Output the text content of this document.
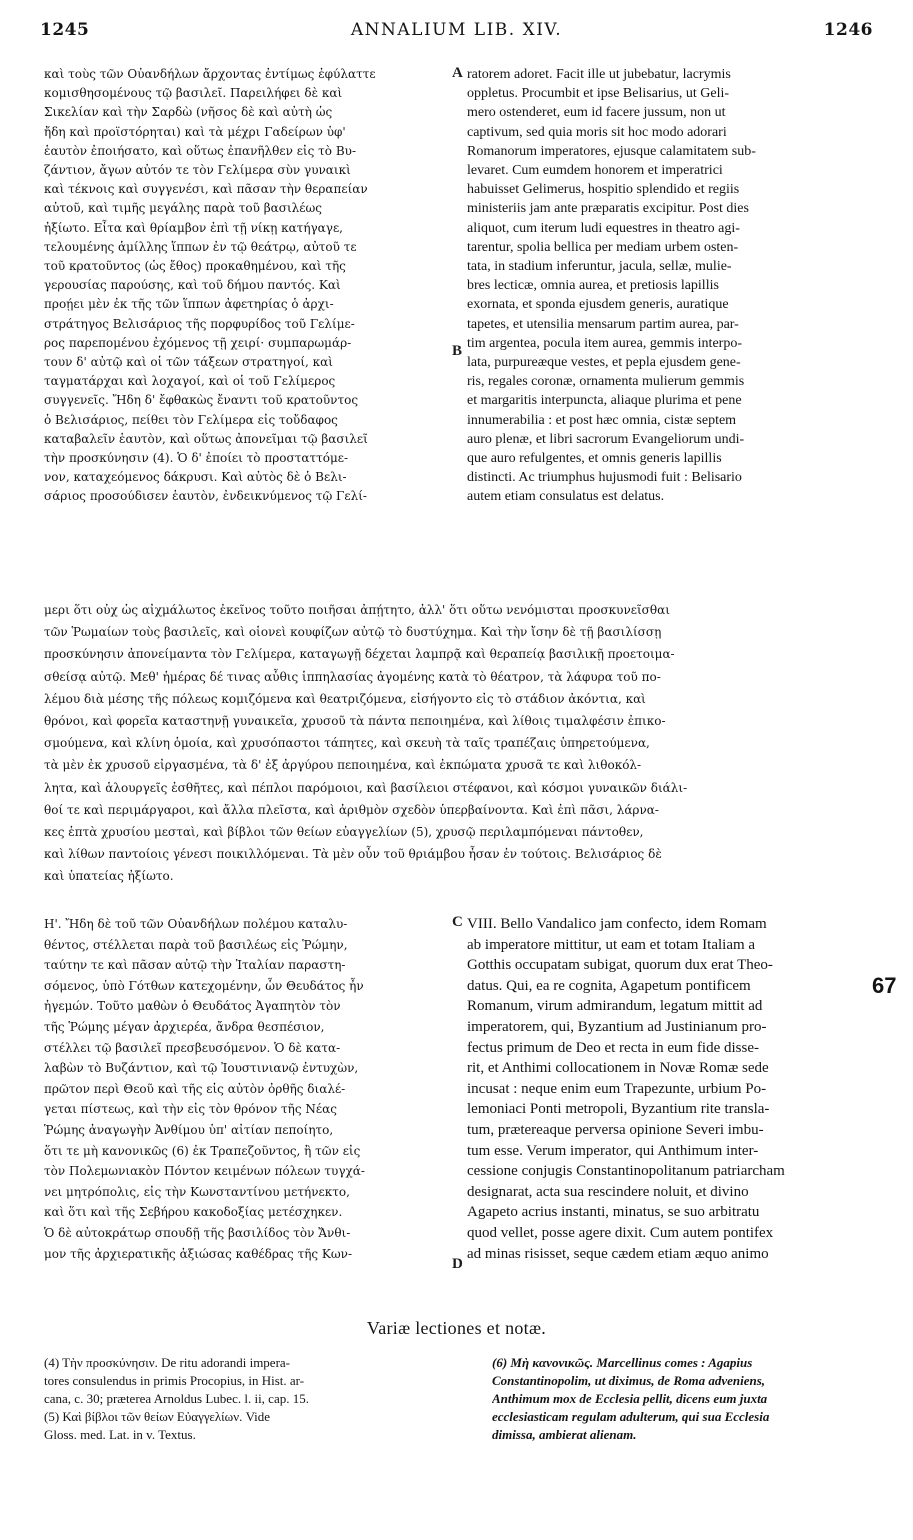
ANNALIUM LIB. XIV.
1245	1246
καὶ τοὺς τῶν Οὐανδήλων ἄρχοντας ἐντίμως ἐφύλαττε
κομισθησομένους τῷ βασιλεῖ. Παρειλήφει δὲ καὶ
Σικελίαν καὶ τὴν Σαρδὼ (νῆσος δὲ καὶ αὐτὴ ὡς
ἤδη καὶ προϊστόρηται) καὶ τὰ μέχρι Γαδείρων ὑφ'
ἑαυτὸν ἐποιήσατο, καὶ οὕτως ἐπανῆλθεν εἰς τὸ Βυ-
ζάντιον, ἄγων αὐτόν τε τὸν Γελίμερα σὺν γυναικὶ
καὶ τέκνοις καὶ συγγενέσι, καὶ πᾶσαν τὴν θεραπείαν
αὐτοῦ, καὶ τιμῆς μεγάλης παρὰ τοῦ βασιλέως
ἠξίωτο. Εἶτα καὶ θρίαμβον ἐπὶ τῇ νίκῃ κατήγαγε,
τελουμένης ἁμίλλης ἵππων ἐν τῷ θεάτρῳ, αὐτοῦ τε
τοῦ κρατοῦντος (ὡς ἔθος) προκαθημένου, καὶ τῆς
γερουσίας παρούσης, καὶ τοῦ δήμου παντός. Καὶ
προῄει μὲν ἐκ τῆς τῶν ἵππων ἀφετηρίας ὁ ἀρχι-
στράτηγος Βελισάριος τῆς πορφυρίδος τοῦ Γελίμε-
ρος παρεπομένου ἐχόμενος τῇ χειρί· συμπαρωμάρ-
τουν δ' αὐτῷ καὶ οἱ τῶν τάξεων στρατηγοί, καὶ
ταγματάρχαι καὶ λοχαγοί, καὶ οἱ τοῦ Γελίμερος
συγγενεῖς. Ἤδη δ' ἔφθακὼς ἔναντι τοῦ κρατοῦντος
ὁ Βελισάριος, πείθει τὸν Γελίμερα εἰς τοὔδαφος
καταβαλεῖν ἑαυτὸν, καὶ οὕτως ἀπονεῖμαι τῷ βασιλεῖ
τὴν προσκύνησιν (4). Ὁ δ' ἐποίει τὸ προσταττόμε-
νον, καταχεόμενος δάκρυσι. Καὶ αὐτὸς δὲ ὁ Βελι-
σάριος προσούδισεν ἑαυτὸν, ἐνδεικνύμενος τῷ Γελί-
ratorem adoret. Facit ille ut jubebatur, lacrymis
oppletus. Procumbit et ipse Belisarius, ut Geli-
mero ostenderet, eum id facere jussum, non ut
captivum, sed quia moris sit hoc modo adorari
Romanorum imperatores, ejusque calamitatem sub-
levaret. Cum eumdem honorem et imperatrici
habuisset Gelimerus, hospitio splendido et regiis
ministeriis jam ante præparatis excipitur. Post dies
aliquot, cum iterum ludi equestres in theatro agi-
tarentur, spolia bellica per mediam urbem osten-
tata, in stadium inferuntur, jacula, sellæ, mulie-
bres lecticæ, omnia aurea, et pretiosis lapillis
exornata, et sponda ejusdem generis, auratique
tapetes, et utensilia mensarum partim aurea, par-
tim argentea, pocula item aurea, gemmis interpo-
lata, purpureæque vestes, et pepla ejusdem gene-
ris, regales coronæ, ornamenta mulierum gemmis
et margaritis interpuncta, aliaque plurima et pene
innumerabilia : et post hæc omnia, cistæ septem
auro plenæ, et libri sacrorum Evangeliorum undi-
que auro refulgentes, et omnis generis lapillis
distincti. Ac triumphus hujusmodi fuit : Belisario
autem etiam consulatus est delatus.
A
B
μερι ὅτι οὐχ ὡς αἰχμάλωτος ἐκεῖνος τοῦτο ποιῆσαι ἀπῄτητο, ἀλλ' ὅτι οὕτω νενόμισται προσκυνεῖσθαι
τῶν Ῥωμαίων τοὺς βασιλεῖς, καὶ οἱονεὶ κουφίζων αὐτῷ τὸ δυστύχημα. Καὶ τὴν ἴσην δὲ τῇ βασιλίσσῃ
προσκύνησιν ἀπονείμαντα τὸν Γελίμερα, καταγωγῇ δέχεται λαμπρᾷ καὶ θεραπείᾳ βασιλικῇ προετοιμα-
σθείσᾳ αὐτῷ. Μεθ' ἡμέρας δέ τινας αὖθις ἱππηλασίας ἀγομένης κατὰ τὸ θέατρον, τὰ λάφυρα τοῦ πο-
λέμου διὰ μέσης τῆς πόλεως κομιζόμενα καὶ θεατριζόμενα, εἰσήγοντο εἰς τὸ στάδιον ἀκόντια, καὶ
θρόνοι, καὶ φορεῖα καταστηνῇ γυναικεῖα, χρυσοῦ τὰ πάντα πεποιημένα, καὶ λίθοις τιμαλφέσιν ἐπικο-
σμούμενα, καὶ κλίνη ὁμοία, καὶ χρυσόπαστοι τάπητες, καὶ σκευὴ τὰ ταῖς τραπέζαις ὑπηρετούμενα,
τὰ μὲν ἐκ χρυσοῦ εἰργασμένα, τὰ δ' ἐξ ἀργύρου πεποιημένα, καὶ ἐκπώματα χρυσᾶ τε καὶ λιθοκόλ-
λητα, καὶ ἁλουργεῖς ἐσθῆτες, καὶ πέπλοι παρόμοιοι, καὶ βασίλειοι στέφανοι, καὶ κόσμοι γυναικῶν διάλι-
θοί τε καὶ περιμάργαροι, καὶ ἄλλα πλεῖστα, καὶ ἀριθμὸν σχεδὸν ὑπερβαίνοντα. Καὶ ἐπὶ πᾶσι, λάρνα-
κες ἑπτὰ χρυσίου μεσταὶ, καὶ βίβλοι τῶν θείων εὐαγγελίων (5), χρυσῷ περιλαμπόμεναι πάντοθεν,
καὶ λίθων παντοίοις γένεσι ποικιλλόμεναι. Τὰ μὲν οὖν τοῦ θριάμβου ἦσαν ἐν τούτοις. Βελισάριος δὲ
καὶ ὑπατείας ἠξίωτο.
Η'. Ἤδη δὲ τοῦ τῶν Οὐανδήλων πολέμου καταλυ-
θέντος, στέλλεται παρὰ τοῦ βασιλέως εἰς Ῥώμην,
ταύτην τε καὶ πᾶσαν αὐτῷ τὴν Ἰταλίαν παραστη-
σόμενος, ὑπὸ Γότθων κατεχομένην, ὧν Θευδάτος ἦν
ἡγεμών. Τοῦτο μαθὼν ὁ Θευδάτος Ἀγαπητὸν τὸν
τῆς Ῥώμης μέγαν ἀρχιερέα, ἄνδρα θεσπέσιον,
στέλλει τῷ βασιλεῖ πρεσβευσόμενον. Ὁ δὲ κατα-
λαβὼν τὸ Βυζάντιον, καὶ τῷ Ἰουστινιανῷ ἐντυχὼν,
πρῶτον περὶ Θεοῦ καὶ τῆς εἰς αὐτὸν ὀρθῆς διαλέ-
γεται πίστεως, καὶ τὴν εἰς τὸν θρόνον τῆς Νέας
Ῥώμης ἀναγωγὴν Ἀνθίμου ὑπ' αἰτίαν πεποίητο,
ὅτι τε μὴ κανονικῶς (6) ἐκ Τραπεζοῦντος, ἢ τῶν εἰς
τὸν Πολεμωνιακὸν Πόντον κειμένων πόλεων τυγχά-
νει μητρόπολις, εἰς τὴν Κωνσταντίνου μετήνεκτο,
καὶ ὅτι καὶ τῆς Σεβήρου κακοδοξίας μετέσχηκεν.
Ὁ δὲ αὐτοκράτωρ σπουδῇ τῆς βασιλίδος τὸν Ἄνθι-
μον τῆς ἀρχιερατικῆς ἀξιώσας καθέδρας τῆς Κων-
VIII. Bello Vandalico jam confecto, idem Romam
ab imperatore mittitur, ut eam et totam Italiam a
Gotthis occupatam subigat, quorum dux erat Theo-
datus. Qui, ea re cognita, Agapetum pontificem
Romanum, virum admirandum, legatum mittit ad
imperatorem, qui, Byzantium ad Justinianum pro-
fectus primum de Deo et recta in eum fide disse-
rit, et Anthimi collocationem in Novæ Romæ sede
incusat : neque enim eum Trapezunte, urbium Po-
lemoniaci Ponti metropoli, Byzantium rite transla-
tum, prætereaque perversa opinione Severi imbu-
tum esse. Verum imperator, qui Anthimum inter-
cessione conjugis Constantinopolitanum patriarcham
designarat, acta sua rescindere noluit, et divino
Agapeto acrius instanti, minatus, se suo arbitratu
quod vellet, posse agere dixit. Cum autem pontifex
ad minas risisset, seque cædem etiam æquo animo
C
D
67
Variæ lectiones et notæ.
(4) Τὴν προσκύνησιν. De ritu adorandi impera-
tores consulendus in primis Procopius, in Hist. ar-
cana, c. 30; præterea Arnoldus Lubec. l. ii, cap. 15.
(5) Καὶ βίβλοι τῶν θείων Εὐαγγελίων. Vide
Gloss. med. Lat. in v. Textus.
(6) Μὴ κανονικῶς. Marcellinus comes : Agapius
Constantinopolim, ut diximus, de Roma adveniens,
Anthimum mox de Ecclesia pellit, dicens eum juxta
ecclesiasticam regulam adulterum, qui sua Ecclesia
dimissa, ambierat alienam.
